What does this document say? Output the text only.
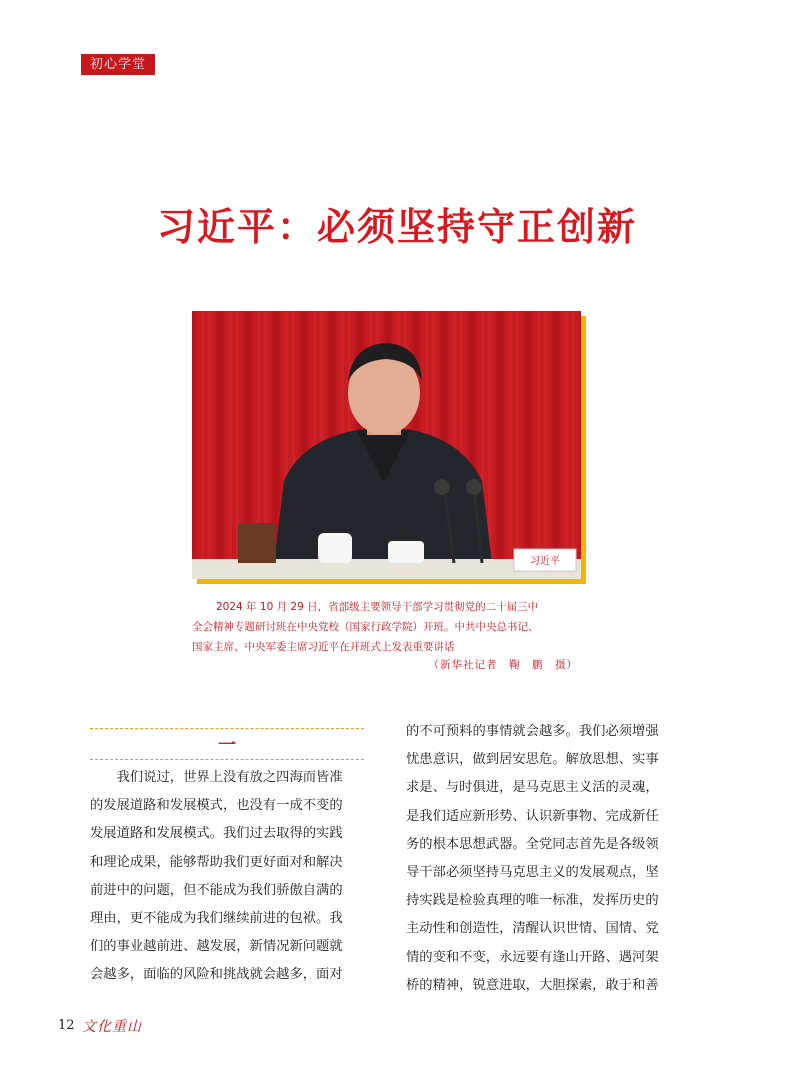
初心学堂
习近平：必须坚持守正创新
习近平

2024 年 10 月 29 日，省部级主要领导干部学习贯彻党的二十届三中

全会精神专题研讨班在中央党校（国家行政学院）开班。中共中央总书记、

国家主席、中央军委主席习近平在开班式上发表重要讲话

（新华社记者　鞠　鹏　摄）
一

　　我们说过，世界上没有放之四海而皆准
的发展道路和发展模式，也没有一成不变的
发展道路和发展模式。我们过去取得的实践
和理论成果，能够帮助我们更好面对和解决
前进中的问题，但不能成为我们骄傲自满的
理由，更不能成为我们继续前进的包袱。我
们的事业越前进、越发展，新情况新问题就
会越多，面临的风险和挑战就会越多，面对

的不可预料的事情就会越多。我们必须增强
忧患意识，做到居安思危。解放思想、实事
求是、与时俱进，是马克思主义活的灵魂，
是我们适应新形势、认识新事物、完成新任
务的根本思想武器。全党同志首先是各级领
导干部必须坚持马克思主义的发展观点，坚
持实践是检验真理的唯一标准，发挥历史的
主动性和创造性，清醒认识世情、国情、党
情的变和不变，永远要有逢山开路、遇河架
桥的精神，锐意进取，大胆探索，敢于和善

12 文化重山
